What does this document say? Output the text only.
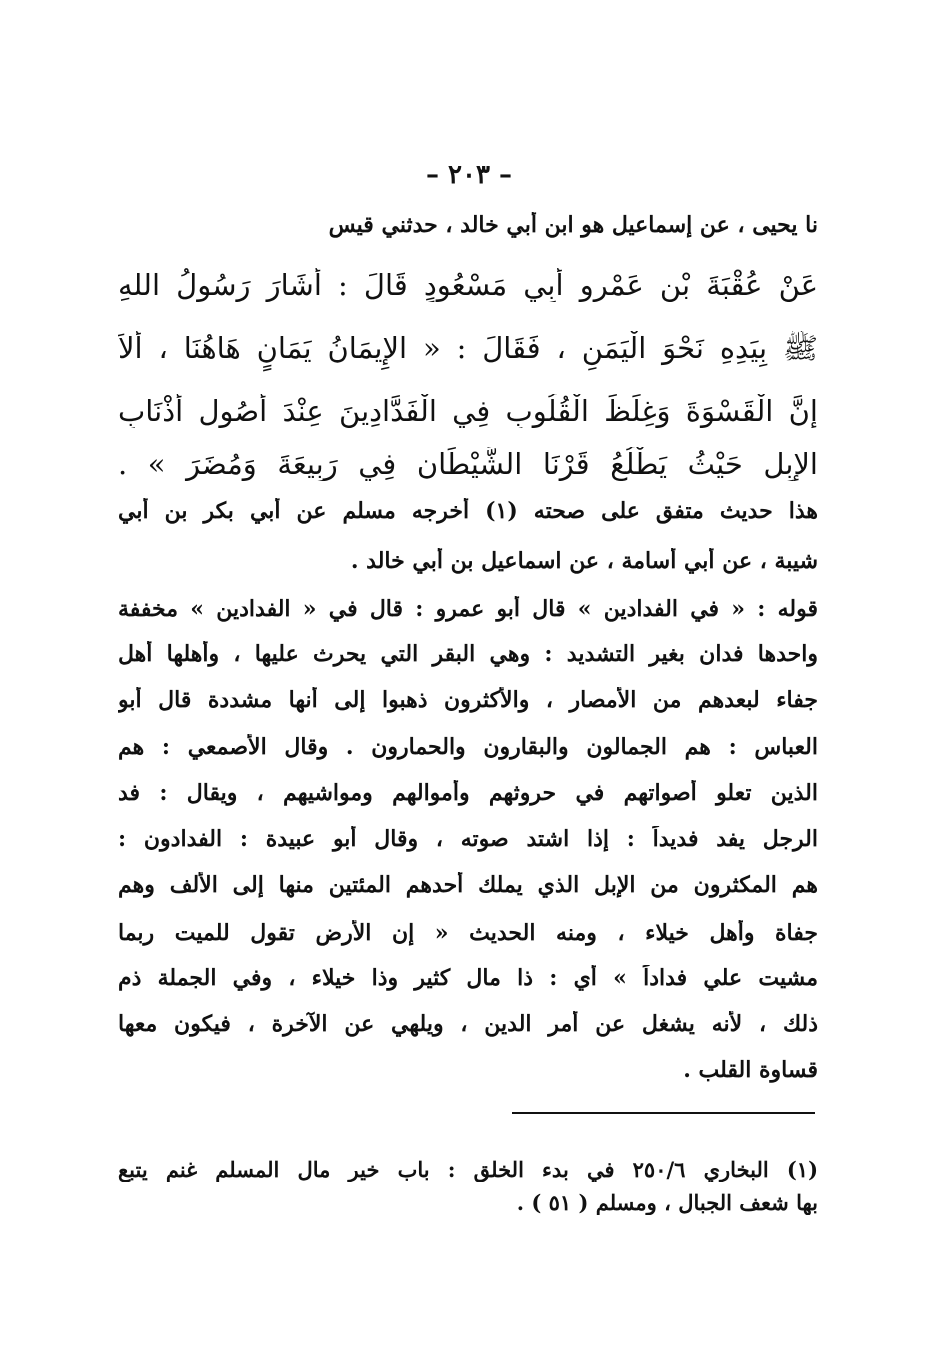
– ٢٠٣ –
نا يحيى ، عن إسماعيل هو ابن أبي خالد ، حدثني قيس
عَنْ عُقْبَةَ بْنِ عَمْرٍو أَبِي مَسْعُودٍ قَالَ : أَشَارَ رَسُولُ اللهِ
ﷺ بِيَدِهِ نَحْوَ الْيَمَنِ ، فَقَالَ : « الإِيمَانُ يَمَانٍ هَاهُنَا ، أَلاَ
إِنَّ الْقَسْوَةَ وَغِلَظَ الْقُلُوبِ فِي الْفَدَّادِينَ عِنْدَ أُصُولِ أَذْنَابِ
الإِبِلِ حَيْثُ يَطْلُعُ قَرْنَا الشَّيْطَانِ فِي رَبِيعَةَ وَمُضَرَ » .
هذا حديث متفق على صحته (١) أخرجه مسلم عن أبي بكر بن أبي
شيبة ، عن أبي أسامة ، عن اسماعيل بن أبي خالد .
قوله : « في الفدادين » قال أبو عمرو : قال في « الفدادين » مخففة
واحدها فدان بغير التشديد : وهي البقر التي يحرث عليها ، وأهلها أهل
جفاء لبعدهم من الأمصار ، والأكثرون ذهبوا إلى أنها مشددة قال أبو
العباس : هم الجمالون والبقارون والحمارون . وقال الأصمعي : هم
الذين تعلو أصواتهم في حروثهم وأموالهم ومواشيهم ، ويقال : فد
الرجل يفد فديداً : إذا اشتد صوته ، وقال أبو عبيدة : الفدادون :
هم المكثرون من الإبل الذي يملك أحدهم المئتين منها إلى الألف وهم
جفاة وأهل خيلاء ، ومنه الحديث « إن الأرض تقول للميت ربما
مشيت علي فداداً » أي : ذا مال كثير وذا خيلاء ، وفي الجملة ذم
ذلك ، لأنه يشغل عن أمر الدين ، ويلهي عن الآخرة ، فيكون معها
قساوة القلب .
(١) البخاري ٢٥٠/٦ في بدء الخلق : باب خير مال المسلم غنم يتبع
بها شعف الجبال ، ومسلم ( ٥١ ) .
